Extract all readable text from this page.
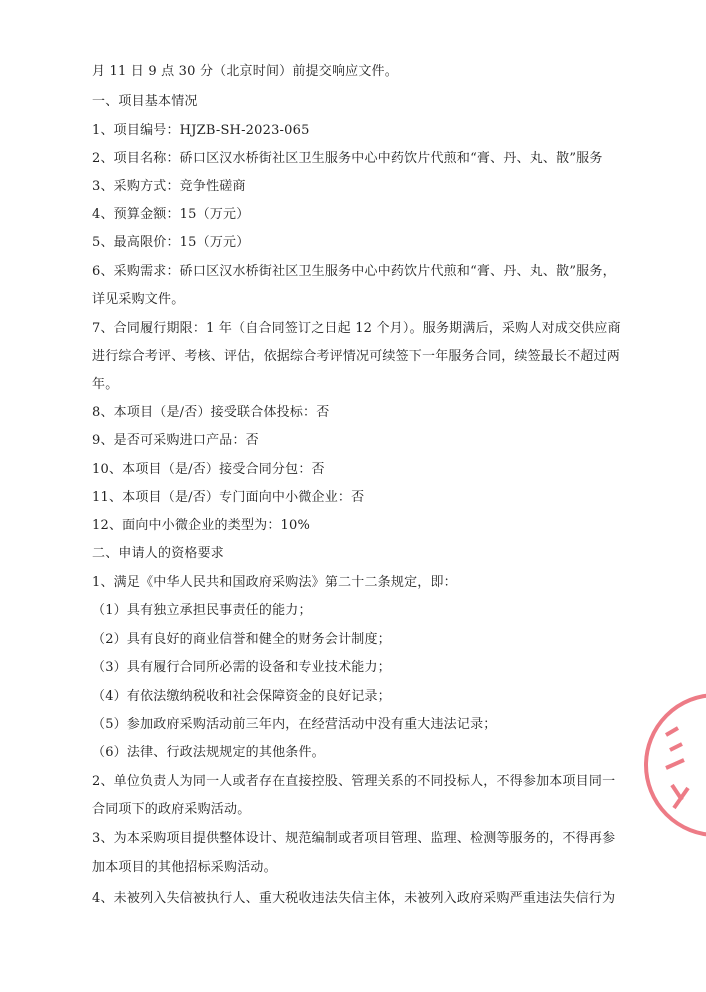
月 11 日 9 点 30 分（北京时间）前提交响应文件。
一、项目基本情况
1、项目编号：HJZB-SH-2023-065
2、项目名称：硚口区汉水桥街社区卫生服务中心中药饮片代煎和“膏、丹、丸、散”服务
3、采购方式：竞争性磋商
4、预算金额：15（万元）
5、最高限价：15（万元）
6、采购需求：硚口区汉水桥街社区卫生服务中心中药饮片代煎和“膏、丹、丸、散”服务，
详见采购文件。
7、合同履行期限：1 年（自合同签订之日起 12 个月）。服务期满后，采购人对成交供应商
进行综合考评、考核、评估，依据综合考评情况可续签下一年服务合同，续签最长不超过两
年。
8、本项目（是/否）接受联合体投标：否
9、是否可采购进口产品：否
10、本项目（是/否）接受合同分包：否
11、本项目（是/否）专门面向中小微企业：否
12、面向中小微企业的类型为：10%
二、申请人的资格要求
1、满足《中华人民共和国政府采购法》第二十二条规定，即：
（1）具有独立承担民事责任的能力；
（2）具有良好的商业信誉和健全的财务会计制度；
（3）具有履行合同所必需的设备和专业技术能力；
（4）有依法缴纳税收和社会保障资金的良好记录；
（5）参加政府采购活动前三年内，在经营活动中没有重大违法记录；
（6）法律、行政法规规定的其他条件。
2、单位负责人为同一人或者存在直接控股、管理关系的不同投标人，不得参加本项目同一
合同项下的政府采购活动。
3、为本采购项目提供整体设计、规范编制或者项目管理、监理、检测等服务的，不得再参
加本项目的其他招标采购活动。
4、未被列入失信被执行人、重大税收违法失信主体，未被列入政府采购严重违法失信行为
